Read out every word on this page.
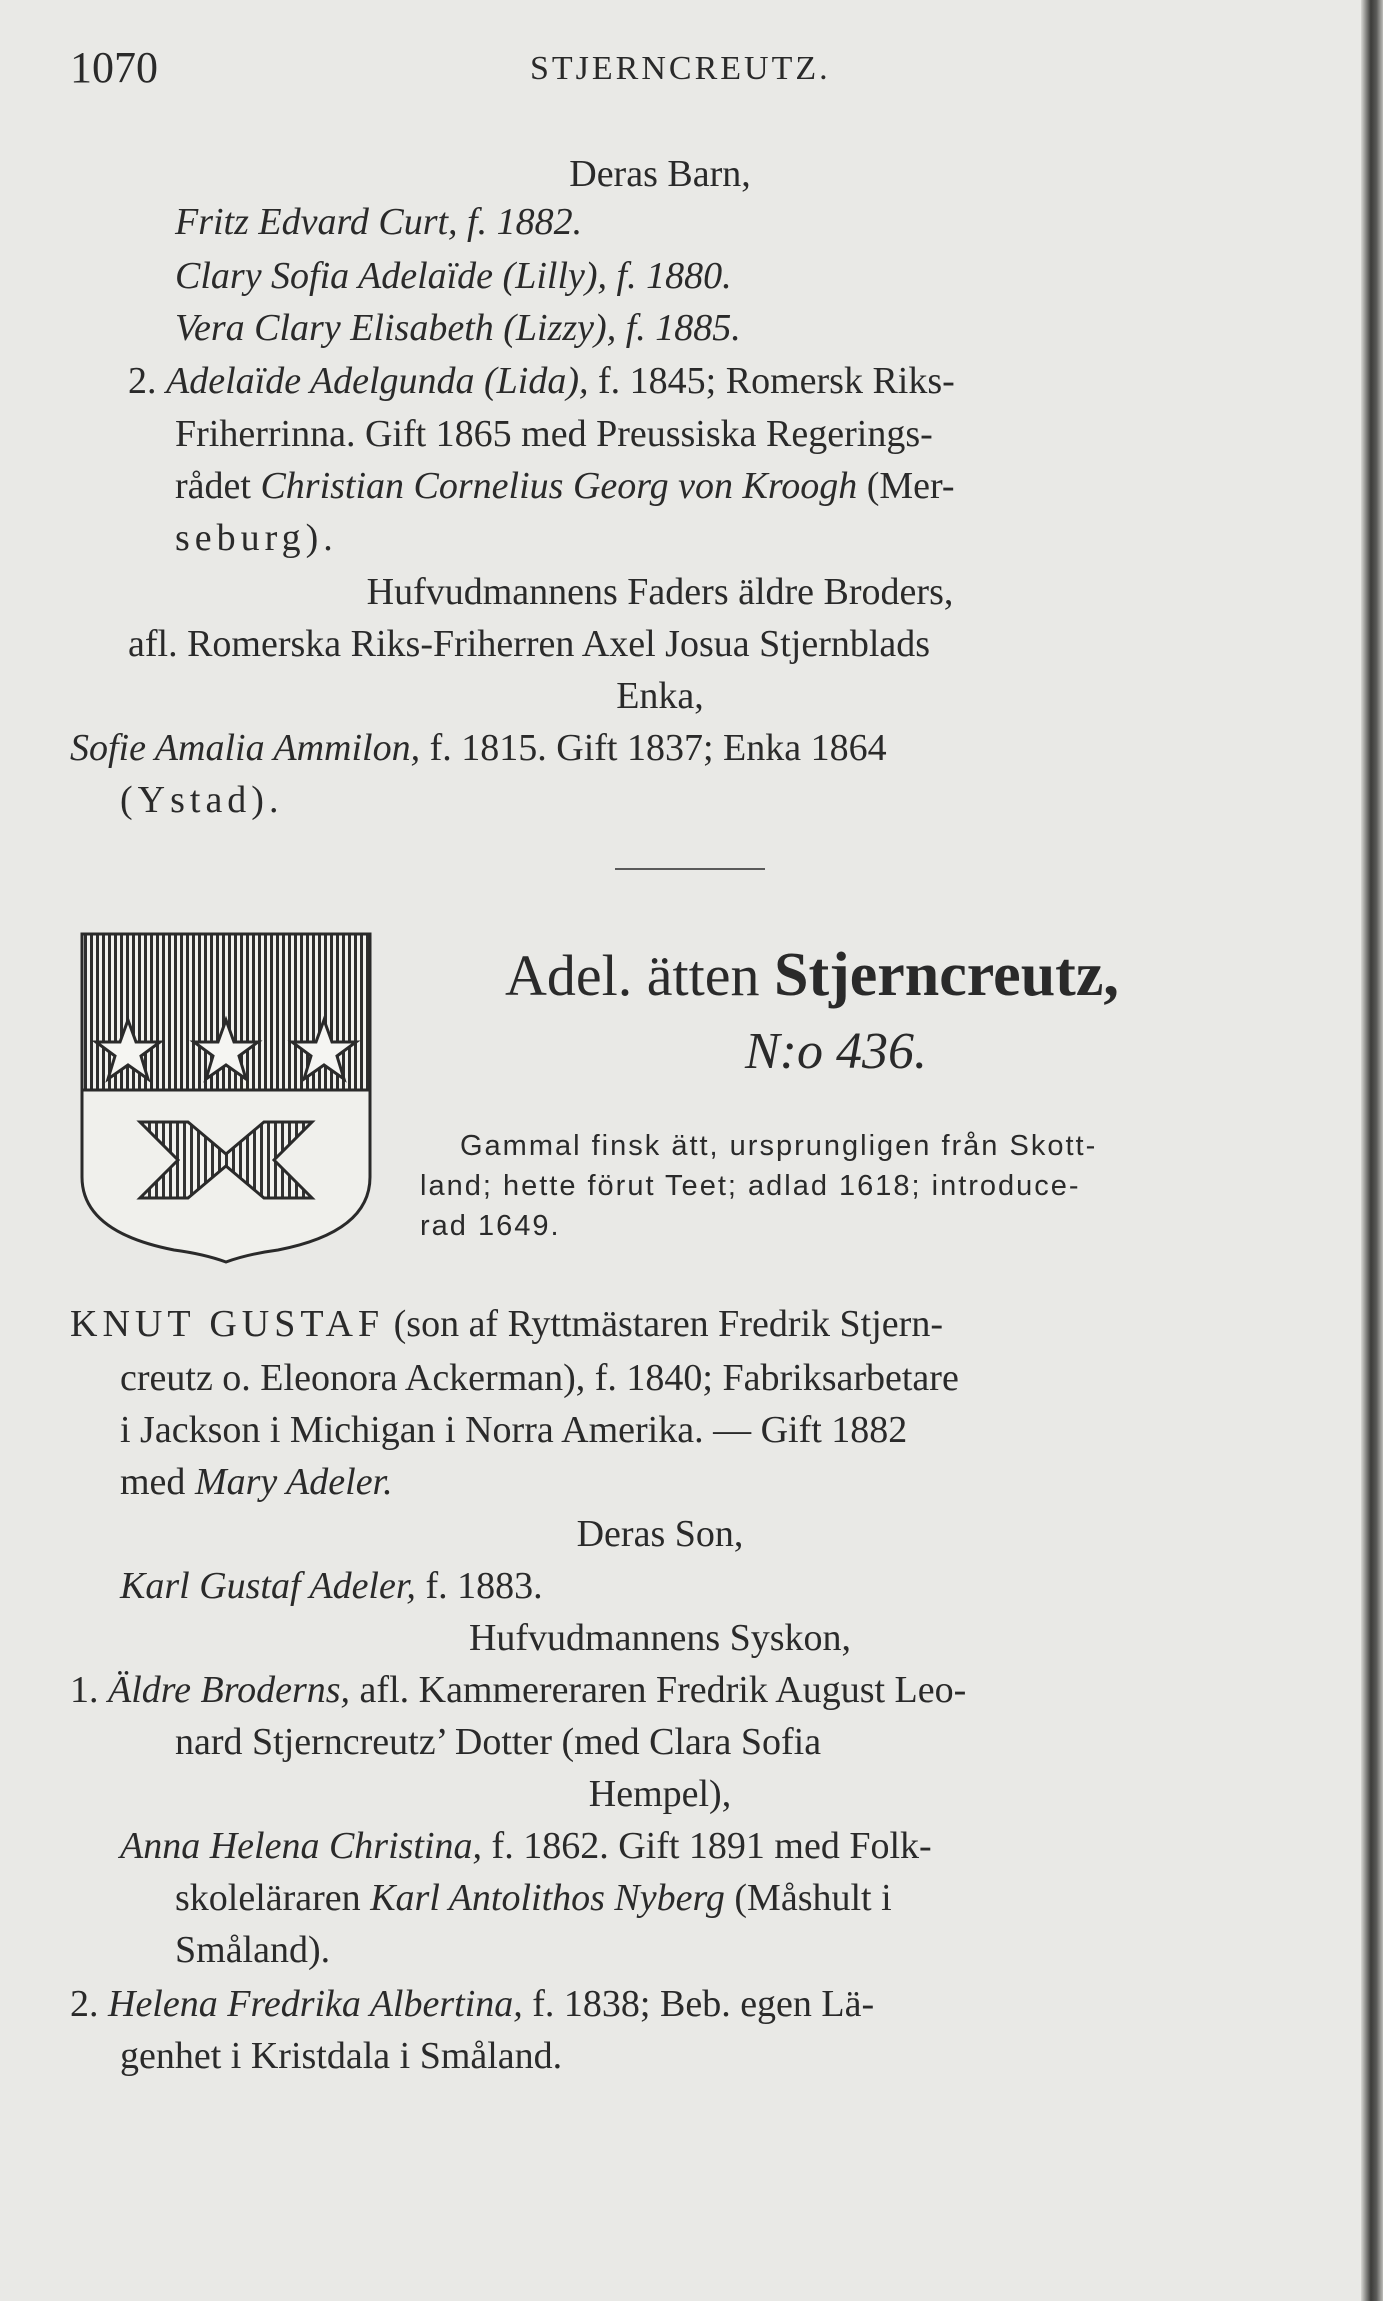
1070	STJERNCREUTZ.
Deras Barn,
Fritz Edvard Curt, f. 1882.
Clary Sofia Adelaïde (Lilly), f. 1880.
Vera Clary Elisabeth (Lizzy), f. 1885.
2. Adelaïde Adelgunda (Lida), f. 1845; Romersk Riks-
Friherrinna. Gift 1865 med Preussiska Regerings-
rådet Christian Cornelius Georg von Kroogh (Mer-
seburg).
Hufvudmannens Faders äldre Broders,
afl. Romerska Riks-Friherren Axel Josua Stjernblads
Enka,
Sofie Amalia Ammilon, f. 1815. Gift 1837; Enka 1864
(Ystad).
Adel. ätten Stjerncreutz,
N:o 436.
Gammal finsk ätt, ursprungligen från Skott-
land; hette förut Teet; adlad 1618; introduce-
rad 1649.
KNUT GUSTAF (son af Ryttmästaren Fredrik Stjern-
creutz o. Eleonora Ackerman), f. 1840; Fabriksarbetare
i Jackson i Michigan i Norra Amerika. — Gift 1882
med Mary Adeler.
Deras Son,
Karl Gustaf Adeler, f. 1883.
Hufvudmannens Syskon,
1. Äldre Broderns, afl. Kammereraren Fredrik August Leo-
nard Stjerncreutz’ Dotter (med Clara Sofia
Hempel),
Anna Helena Christina, f. 1862. Gift 1891 med Folk-
skoleläraren Karl Antolithos Nyberg (Måshult i
Småland).
2. Helena Fredrika Albertina, f. 1838; Beb. egen Lä-
genhet i Kristdala i Småland.
